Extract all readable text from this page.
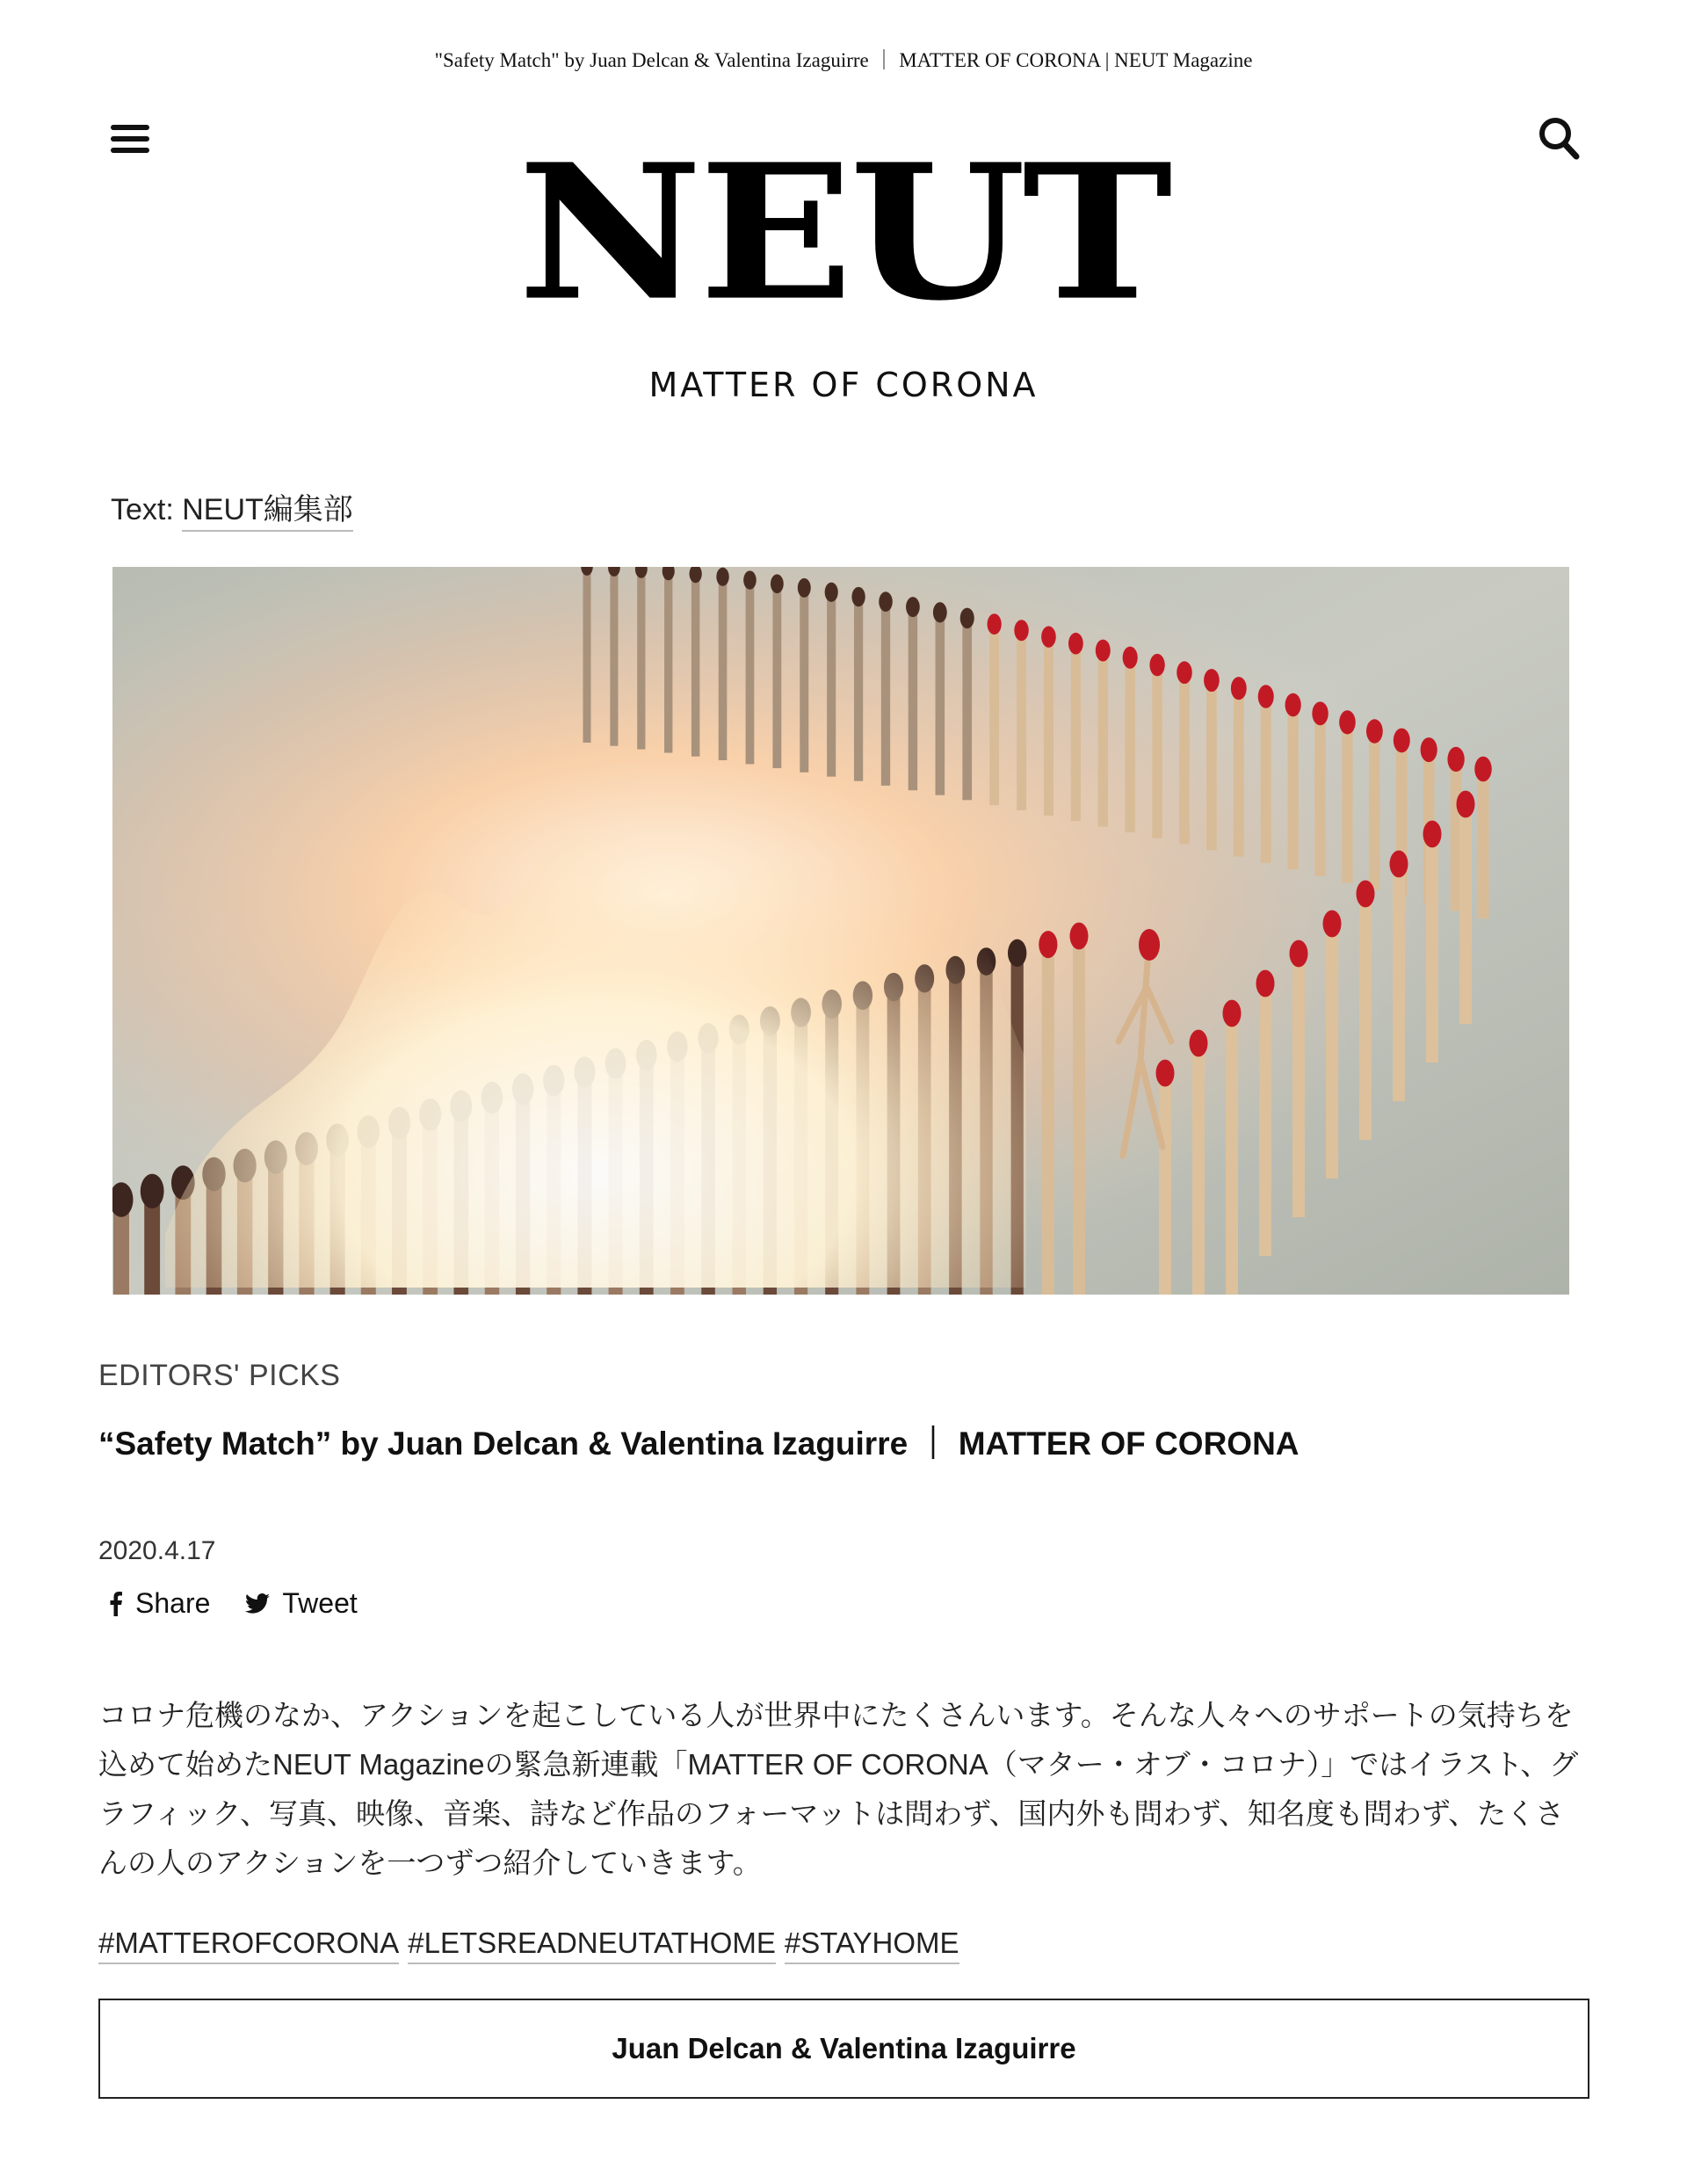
"Safety Match" by Juan Delcan & Valentina Izaguirre ｜ MATTER OF CORONA | NEUT Magazine
NEUT
MATTER OF CORONA
Text: NEUT編集部
EDITORS' PICKS
“Safety Match” by Juan Delcan & Valentina Izaguirre ｜ MATTER OF CORONA
2020.4.17
Share	Tweet
コロナ危機のなか、アクションを起こしている人が世界中にたくさんいます。そんな人々へのサポートの気持ちを込めて始めたNEUT Magazineの緊急新連載「MATTER OF CORONA（マター・オブ・コロナ）」ではイラスト、グラフィック、写真、映像、音楽、詩など作品のフォーマットは問わず、国内外も問わず、知名度も問わず、たくさんの人のアクションを一つずつ紹介していきます。
#MATTEROFCORONA #LETSREADNEUTATHOME #STAYHOME
Juan Delcan & Valentina Izaguirre
